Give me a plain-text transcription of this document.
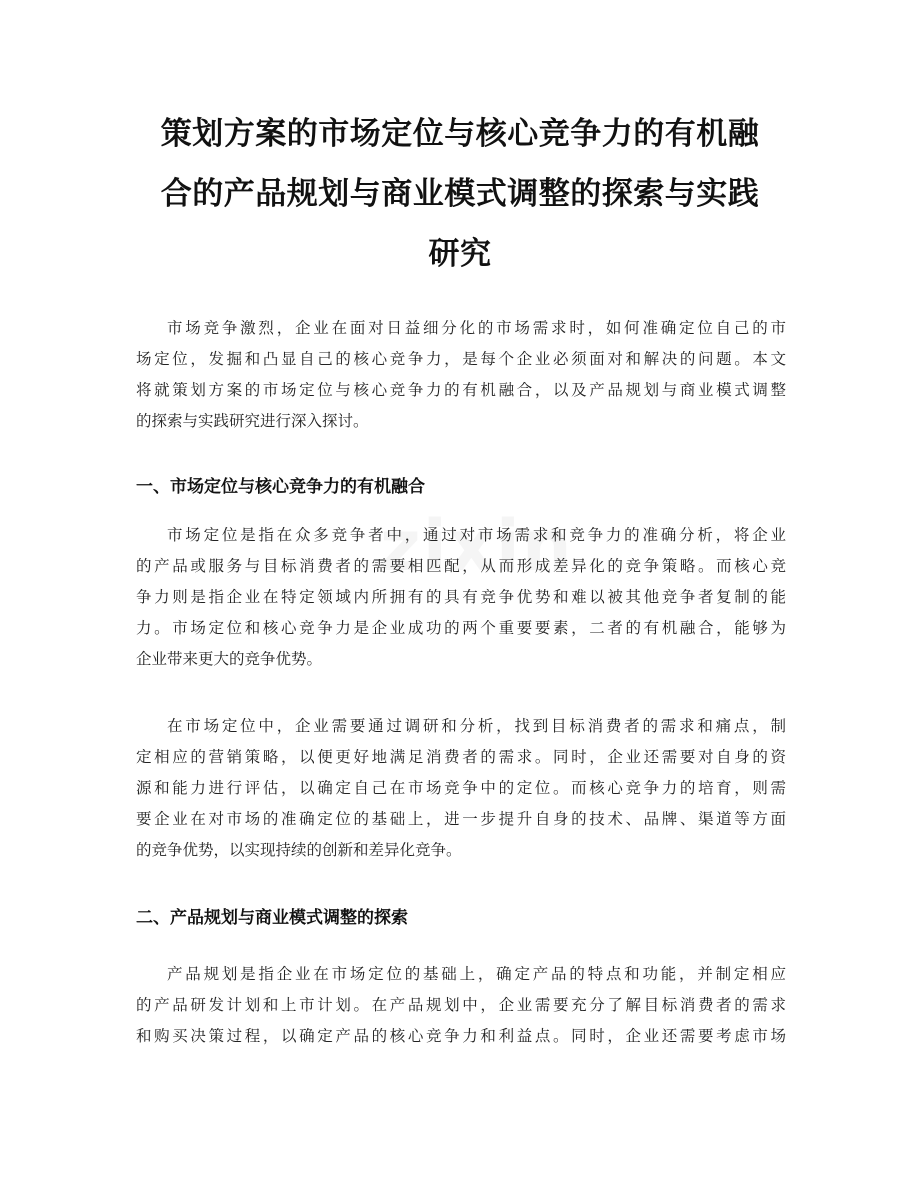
策划方案的市场定位与核心竞争力的有机融
合的产品规划与商业模式调整的探索与实践
研究

市场竞争激烈，企业在面对日益细分化的市场需求时，如何准确定位自己的市
场定位，发掘和凸显自己的核心竞争力，是每个企业必须面对和解决的问题。本文
将就策划方案的市场定位与核心竞争力的有机融合，以及产品规划与商业模式调整
的探索与实践研究进行深入探讨。

一、市场定位与核心竞争力的有机融合

市场定位是指在众多竞争者中，通过对市场需求和竞争力的准确分析，将企业
的产品或服务与目标消费者的需要相匹配，从而形成差异化的竞争策略。而核心竞
争力则是指企业在特定领域内所拥有的具有竞争优势和难以被其他竞争者复制的能
力。市场定位和核心竞争力是企业成功的两个重要要素，二者的有机融合，能够为
企业带来更大的竞争优势。

在市场定位中，企业需要通过调研和分析，找到目标消费者的需求和痛点，制
定相应的营销策略，以便更好地满足消费者的需求。同时，企业还需要对自身的资
源和能力进行评估，以确定自己在市场竞争中的定位。而核心竞争力的培育，则需
要企业在对市场的准确定位的基础上，进一步提升自身的技术、品牌、渠道等方面
的竞争优势，以实现持续的创新和差异化竞争。

二、产品规划与商业模式调整的探索

产品规划是指企业在市场定位的基础上，确定产品的特点和功能，并制定相应
的产品研发计划和上市计划。在产品规划中，企业需要充分了解目标消费者的需求
和购买决策过程，以确定产品的核心竞争力和利益点。同时，企业还需要考虑市场
